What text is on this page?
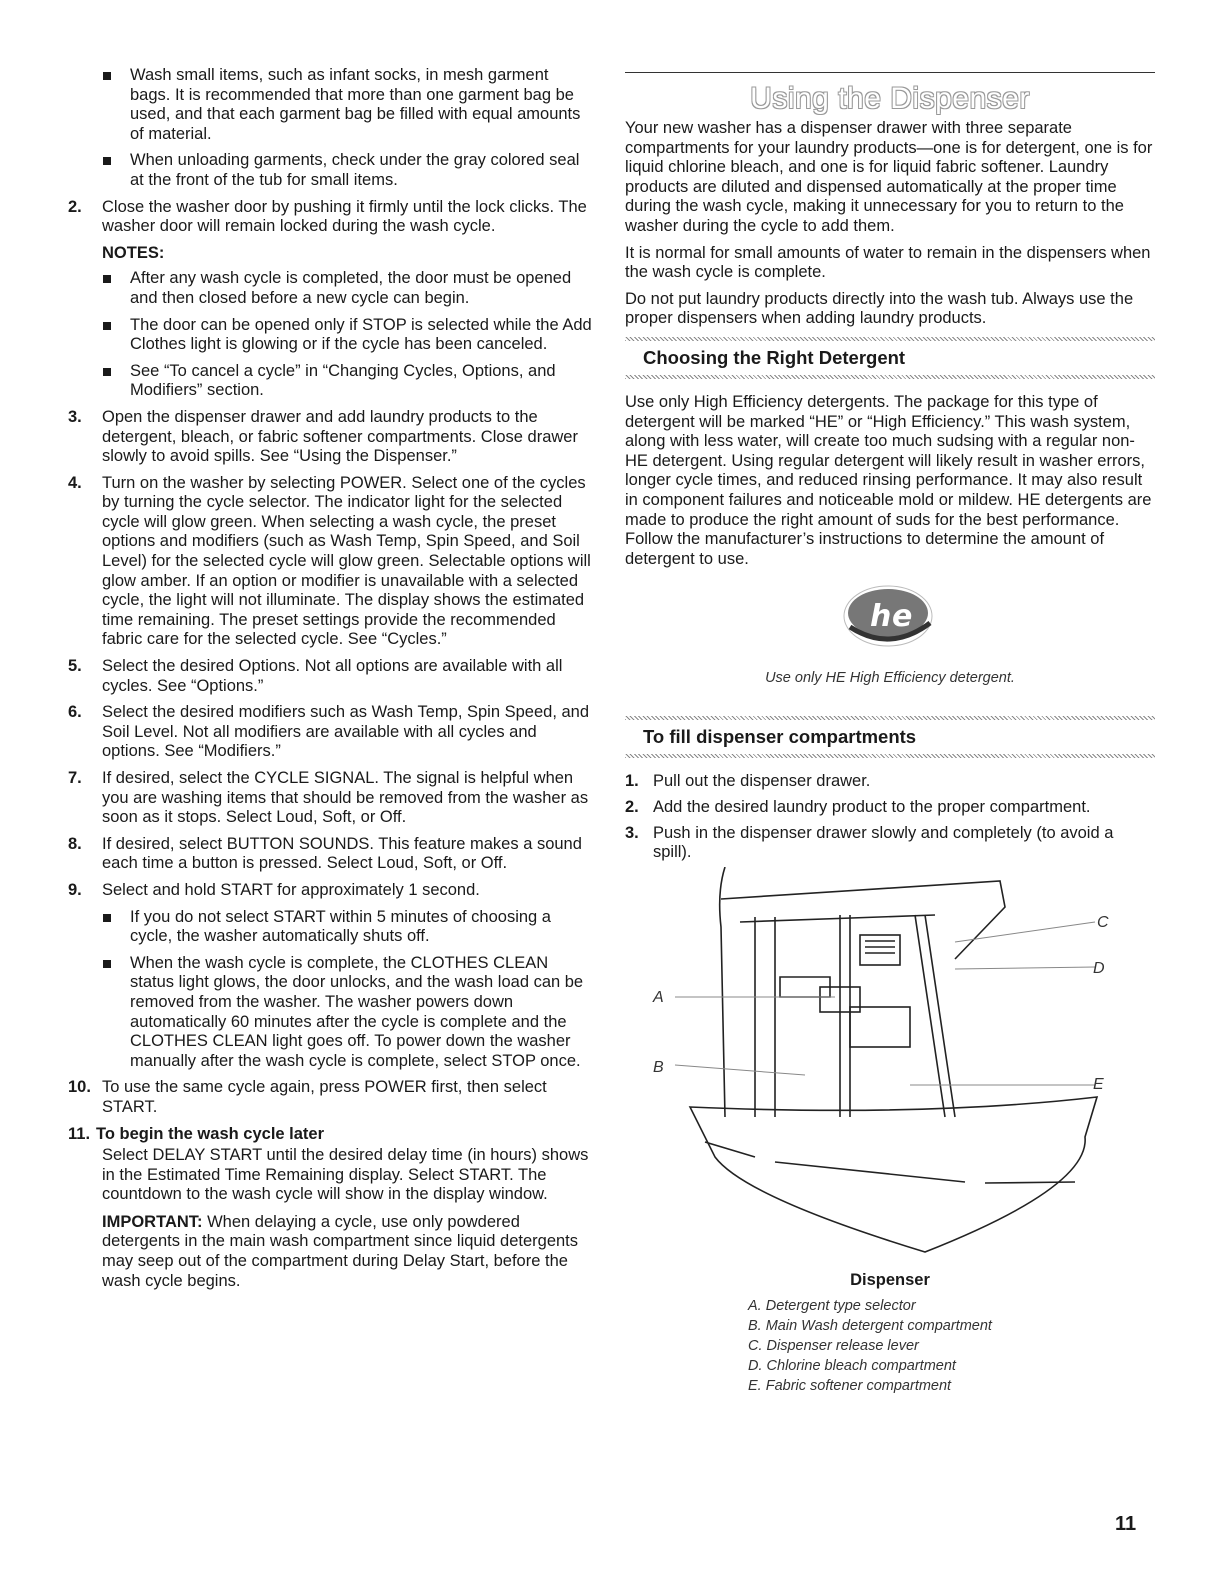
Wash small items, such as infant socks, in mesh garment bags. It is recommended that more than one garment bag be used, and that each garment bag be filled with equal amounts of material.

When unloading garments, check under the gray colored seal at the front of the tub for small items.

2. Close the washer door by pushing it firmly until the lock clicks. The washer door will remain locked during the wash cycle.

NOTES:

After any wash cycle is completed, the door must be opened and then closed before a new cycle can begin.

The door can be opened only if STOP is selected while the Add Clothes light is glowing or if the cycle has been canceled.

See “To cancel a cycle” in “Changing Cycles, Options, and Modifiers” section.

3. Open the dispenser drawer and add laundry products to the detergent, bleach, or fabric softener compartments. Close drawer slowly to avoid spills. See “Using the Dispenser.”

4. Turn on the washer by selecting POWER. Select one of the cycles by turning the cycle selector. The indicator light for the selected cycle will glow green. When selecting a wash cycle, the preset options and modifiers (such as Wash Temp, Spin Speed, and Soil Level) for the selected cycle will glow green. Selectable options will glow amber. If an option or modifier is unavailable with a selected cycle, the light will not illuminate. The display shows the estimated time remaining. The preset settings provide the recommended fabric care for the selected cycle. See “Cycles.”

5. Select the desired Options. Not all options are available with all cycles. See “Options.”

6. Select the desired modifiers such as Wash Temp, Spin Speed, and Soil Level. Not all modifiers are available with all cycles and options. See “Modifiers.”

7. If desired, select the CYCLE SIGNAL. The signal is helpful when you are washing items that should be removed from the washer as soon as it stops. Select Loud, Soft, or Off.

8. If desired, select BUTTON SOUNDS. This feature makes a sound each time a button is pressed. Select Loud, Soft, or Off.

9. Select and hold START for approximately 1 second.

If you do not select START within 5 minutes of choosing a cycle, the washer automatically shuts off.

When the wash cycle is complete, the CLOTHES CLEAN status light glows, the door unlocks, and the wash load can be removed from the washer. The washer powers down automatically 60 minutes after the cycle is complete and the CLOTHES CLEAN light goes off. To power down the washer manually after the wash cycle is complete, select STOP once.

10. To use the same cycle again, press POWER first, then select START.

11. To begin the wash cycle later

Select DELAY START until the desired delay time (in hours) shows in the Estimated Time Remaining display. Select START. The countdown to the wash cycle will show in the display window.

IMPORTANT: When delaying a cycle, use only powdered detergents in the main wash compartment since liquid detergents may seep out of the compartment during Delay Start, before the wash cycle begins.

Using the Dispenser

Your new washer has a dispenser drawer with three separate compartments for your laundry products—one is for detergent, one is for liquid chlorine bleach, and one is for liquid fabric softener. Laundry products are diluted and dispensed automatically at the proper time during the wash cycle, making it unnecessary for you to return to the washer during the cycle to add them.

It is normal for small amounts of water to remain in the dispensers when the wash cycle is complete.

Do not put laundry products directly into the wash tub. Always use the proper dispensers when adding laundry products.

Choosing the Right Detergent

Use only High Efficiency detergents. The package for this type of detergent will be marked “HE” or “High Efficiency.” This wash system, along with less water, will create too much sudsing with a regular non-HE detergent. Using regular detergent will likely result in washer errors, longer cycle times, and reduced rinsing performance. It may also result in component failures and noticeable mold or mildew. HE detergents are made to produce the right amount of suds for the best performance. Follow the manufacturer’s instructions to determine the amount of detergent to use.

h e

Use only HE High Efficiency detergent.

To fill dispenser compartments
1. Pull out the dispenser drawer.

2. Add the desired laundry product to the proper compartment.

3. Push in the dispenser drawer slowly and completely (to avoid a spill).

A
B
C
D
E

Dispenser

A. Detergent type selector

B. Main Wash detergent compartment

C. Dispenser release lever

D. Chlorine bleach compartment

E. Fabric softener compartment

11
